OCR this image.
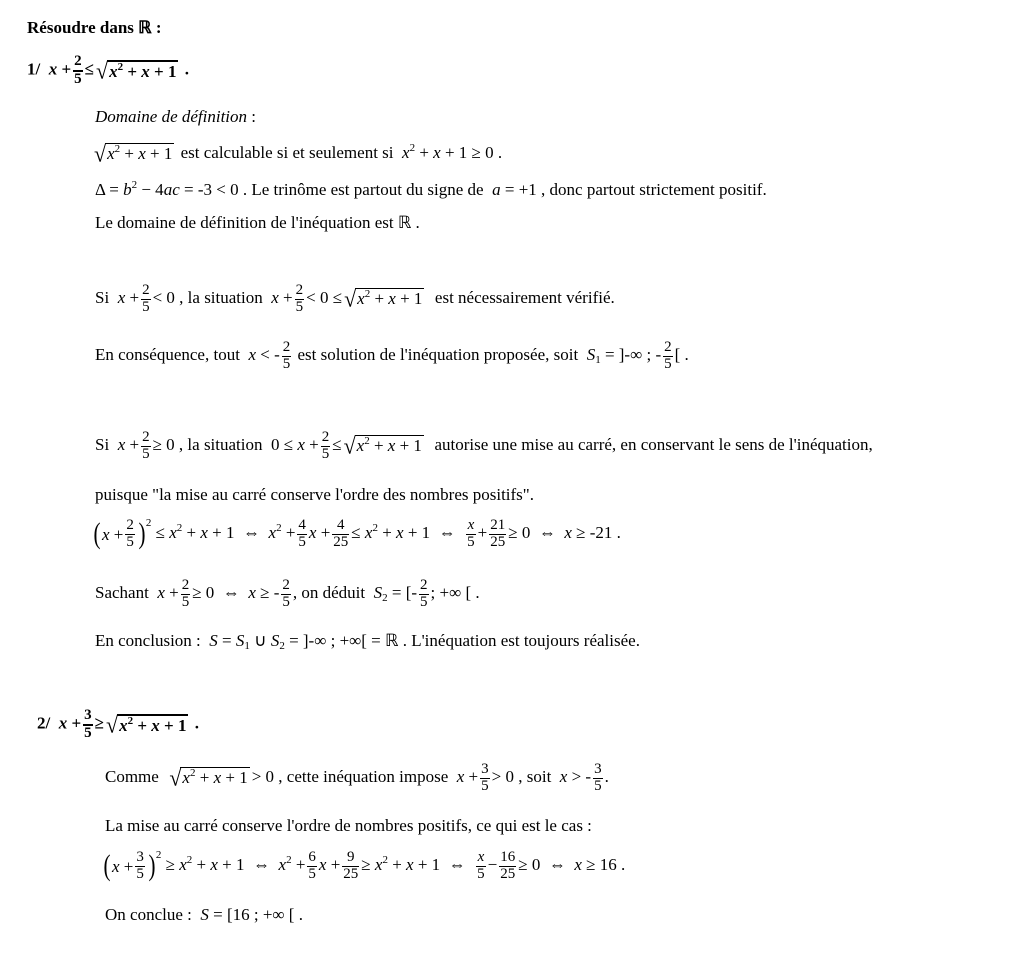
Résoudre dans ℝ :
1/ $x + \frac{2}{5}$ ≤ √ $x^2 + x + 1$ .
Domaine de définition :
√ $x^2 + x + 1$ est calculable si et seulement si $x^2 + x + 1 \ge 0$ .
$\Delta = b^2 - 4ac = -3 < 0$ . Le trinôme est partout du signe de a = +1 , donc partout strictement positif.
Le domaine de définition de l'inéquation est ℝ .
Si $x + \frac{2}{5} < 0$ , la situation $x + \frac{2}{5} < 0$ ≤ √ $x^2 + x + 1$ est nécessairement vérifié.
En conséquence, tout x < - $\frac{2}{5}$ est solution de l'inéquation proposée, soit $S_1$ = ]-∞ ; - $\frac{2}{5}$ [ .
Si $x + \frac{2}{5} \ge 0$ , la situation  $0 \le x + \frac{2}{5}$ ≤ √ $x^2 + x + 1$ autorise une mise au carré, en conservant le sens de l'inéquation,
puisque "la mise au carré conserve l'ordre des nombres positifs".
( x + 2
5 ) 2
≤ $x^2 + x + 1$  ⇔  $x^2 + \frac{4}{5}$ $x + \frac{4}{25} \le x^2 + x + 1$  ⇔ $\frac{x}{5} + \frac{21}{25} \ge 0$  ⇔  x ≥ -21 .
Sachant $x + \frac{2}{5} \ge 0$  ⇔  x ≥ - $\frac{2}{5}$ , on déduit $S_2$ = [- $\frac{2}{5}$ ; +∞ [ .
En conclusion : $S = S_1$ ∪ $S_2$ = ]-∞ ; +∞[ = ℝ . L'inéquation est toujours réalisée.
2/ $x + \frac{3}{5}$ ≥ √ $x^2 + x + 1$ .
Comme √ $x^2 + x + 1 > 0$ , cette inéquation impose $x + \frac{3}{5} > 0$ , soit x > - $\frac{3}{5}$ .
La mise au carré conserve l'ordre de nombres positifs, ce qui est le cas :
( x + 3
5 ) 2
≥ $x^2 + x + 1$  ⇔  $x^2 + \frac{6}{5}$ $x + \frac{9}{25} \ge x^2 + x + 1$  ⇔ $\frac{x}{5} - \frac{16}{25} \ge 0$  ⇔  x ≥ 16 .
On conclue : S = [16 ; +∞ [ .
